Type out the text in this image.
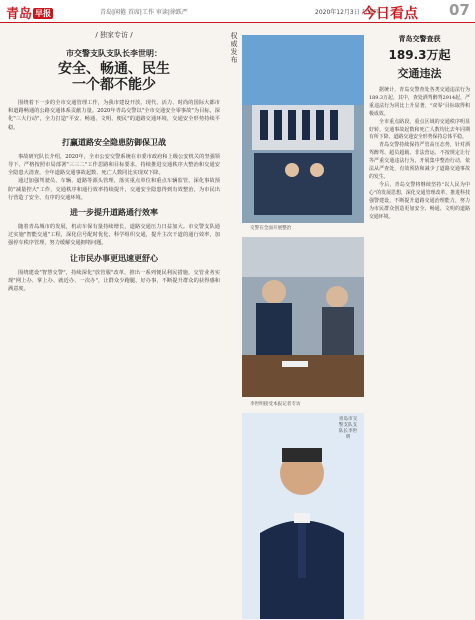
青岛 早报	青岛|闲倦 首席|工作 审读|徐跃严	2020年12月3日 星期四
今日看点 07
/ 独家专访 /
市交警支队支队长李世明：
安全、畅通、民生
一个都不能少

围绕着下一步的全市交通管理工作，为我市建设开放、现代、活力、时尚的国际大都市和道路畅通的公路交通体系贡献力量。2020年青岛交警以"全市交通安全零事故"为目标，深化"三大行动"，全力打造"平安、畅通、文明、便民"的道路交通环境，交通安全形势持续平稳。

打赢道路安全隐患防御保卫战

事故研究队长介绍，2020年，全市公安交警系统在市委市政府和上级公安机关的坚强领导下，严格按照市局部署"三三二"工作思路和目标要求，持续推进交通秩序大整治和交通安全隐患大清查，全年道路交通事故起数、死亡人数同比实现双下降。

通过加强驾驶员、车辆、道路等源头管理，落实重点单位和重点车辆监管，深化事故预防"减量控大"工作，交通秩序和通行效率持续提升，交通安全隐患得到有效整治，为市民出行营造了安全、有序的交通环境。

进一步提升道路通行效率

随着青岛城市的发展，机动车保有量持续增长，道路交通压力日益加大。市交警支队通过实施"智能交通"工程，深化信号配时优化，科学组织交通，提升主次干道的通行效率，加强停车秩序管理，努力缓解交通拥堵问题。

让市民办事更迅速更舒心

围绕建设"智慧交警"，持续深化"放管服"改革，推出一系列便民利民措施，交管业务实现"网上办、掌上办、就近办、一次办"，让群众少跑腿、好办事，不断提升群众的获得感和满意度。

权威发布
交警在全面开展整治
李世明接受本报记者专访
青岛市交警支队支队长李世明
青岛交警查获
189.3万起
交通违法

据统计，青岛交警查处各类交通违法行为189.3万起，其中，查处酒驾醉驾2914起，严重违法行为同比上升显著，"双零"目标取得积极成效。

全市重点路段、重点区域的交通秩序明显好转，交通事故起数和死亡人数均比去年同期有所下降，道路交通安全形势保持总体平稳。

青岛交警持续保持严管高压态势，针对酒驾醉驾、超员超载、非法营运、不按规定让行等严重交通违法行为，开展集中整治行动，依法从严查处，有效预防和减少了道路交通事故的发生。

今后，青岛交警将继续坚持"以人民为中心"的发展思想，深化交通管理改革，推进科技强警建设，不断提升道路交通治理能力，努力为市民群众创造更加安全、畅通、文明的道路交通环境。
